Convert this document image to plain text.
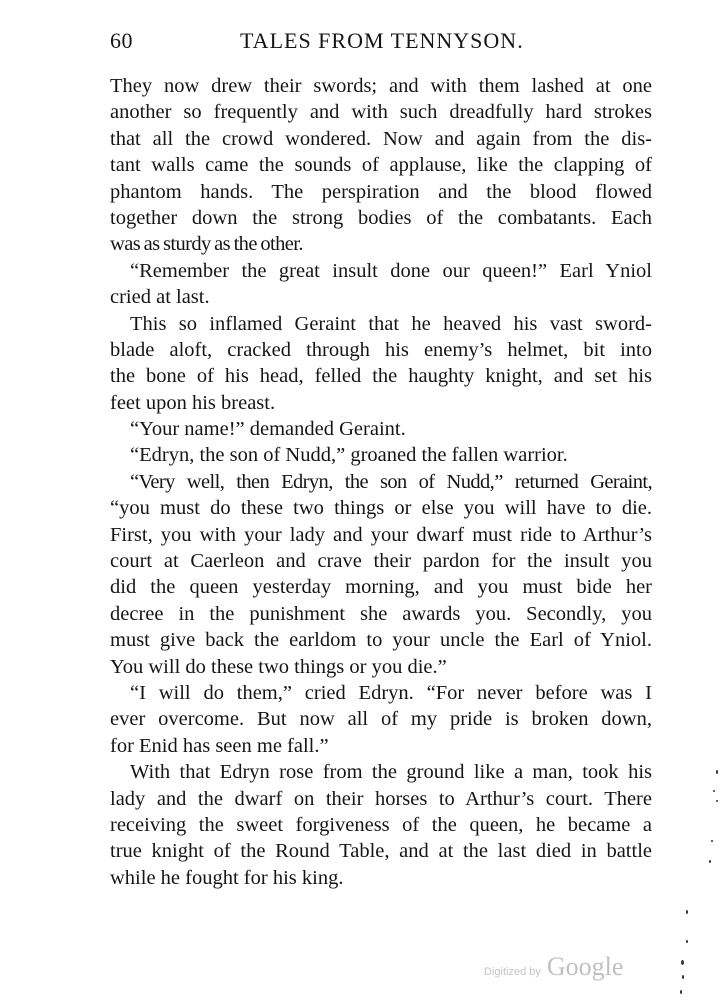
60	TALES FROM TENNYSON.
They now drew their swords; and with them lashed at one
another so frequently and with such dreadfully hard strokes
that all the crowd wondered. Now and again from the dis-
tant walls came the sounds of applause, like the clapping of
phantom hands. The perspiration and the blood flowed
together down the strong bodies of the combatants. Each
was as sturdy as the other.
“Remember the great insult done our queen!” Earl Yniol
cried at last.
This so inflamed Geraint that he heaved his vast sword-
blade aloft, cracked through his enemy’s helmet, bit into
the bone of his head, felled the haughty knight, and set his
feet upon his breast.
“Your name!” demanded Geraint.
“Edryn, the son of Nudd,” groaned the fallen warrior.
“Very well, then Edryn, the son of Nudd,” returned Geraint,
“you must do these two things or else you will have to die.
First, you with your lady and your dwarf must ride to Arthur’s
court at Caerleon and crave their pardon for the insult you
did the queen yesterday morning, and you must bide her
decree in the punishment she awards you. Secondly, you
must give back the earldom to your uncle the Earl of Yniol.
You will do these two things or you die.”
“I will do them,” cried Edryn. “For never before was I
ever overcome. But now all of my pride is broken down,
for Enid has seen me fall.”
With that Edryn rose from the ground like a man, took his
lady and the dwarf on their horses to Arthur’s court. There
receiving the sweet forgiveness of the queen, he became a
true knight of the Round Table, and at the last died in battle
while he fought for his king.
Digitized by Google
